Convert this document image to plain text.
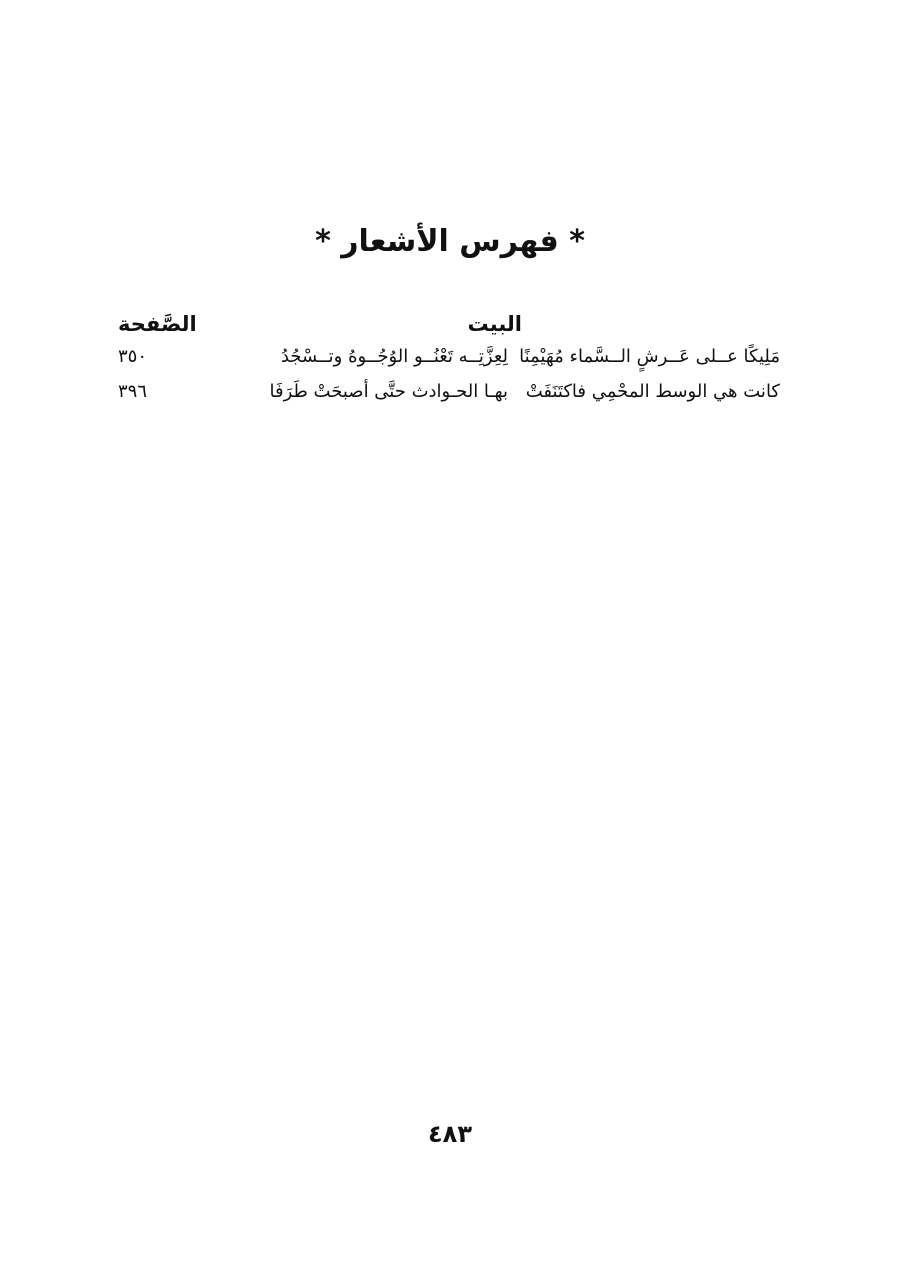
* فهرس الأشعار *
البيت
الصَّفحة
مَلِيكًا عــلى عَــرشٍ الــسَّماء مُهَيْمِنًا
لِعِزَّتِــه تَعْنُــو الوُجُــوهُ وتــسْجُدُ
٣٥٠
كانت هي الوسط المحْمِي فاكتَنَفَتْ
بهـا الحـوادث حتَّى أصبحَتْ طَرَفَا
٣٩٦
٤٨٣
